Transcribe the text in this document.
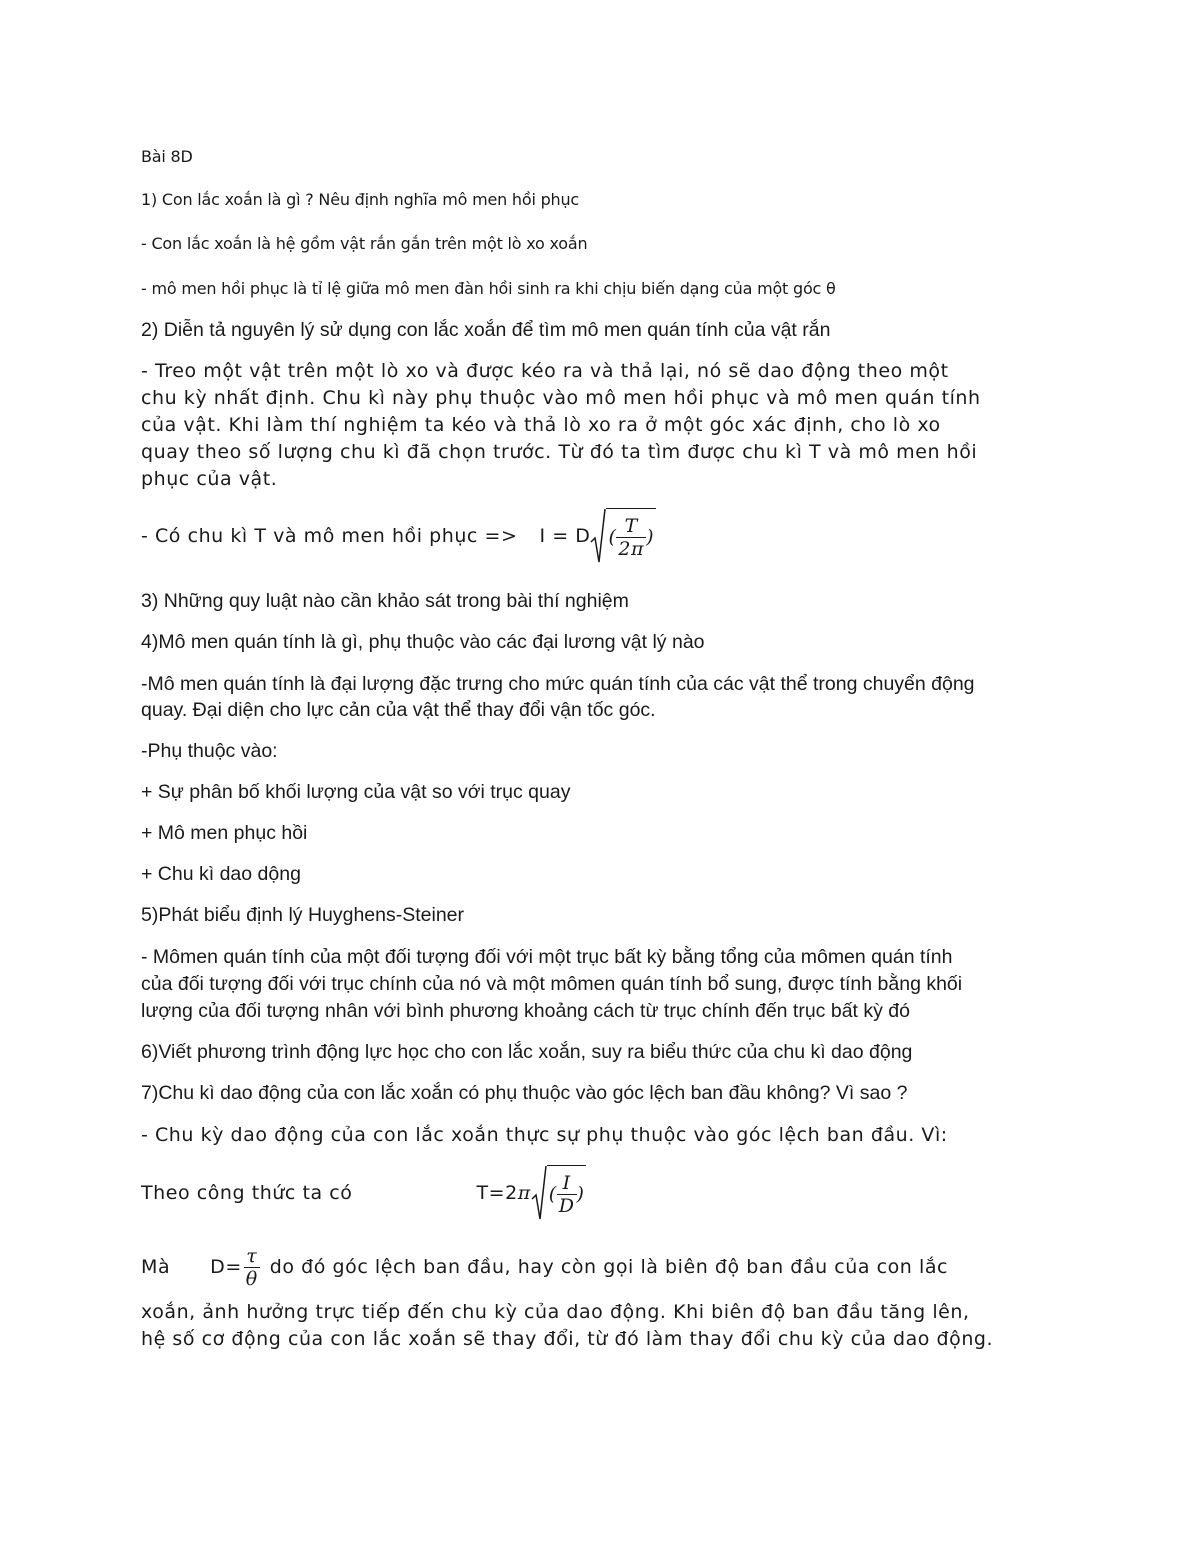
Bài 8D

1) Con lắc xoắn là gì ? Nêu định nghĩa mô men hồi phục

- Con lắc xoắn là hệ gồm vật rắn gắn trên một lò xo xoắn

- mô men hồi phục là tỉ lệ giữa mô men đàn hồi sinh ra khi chịu biến dạng của một góc θ

2) Diễn tả nguyên lý sử dụng con lắc xoắn để tìm mô men quán tính của vật rắn

- Treo một vật trên một lò xo và được kéo ra và thả lại, nó sẽ dao động theo một

chu kỳ nhất định. Chu kì này phụ thuộc vào mô men hồi phục và mô men quán tính

của vật. Khi làm thí nghiệm ta kéo và thả lò xo ra ở một góc xác định, cho lò xo

quay theo số lượng chu kì đã chọn trước. Từ đó ta tìm được chu kì T và mô men hồi

phục của vật.

- Có chu kì T và mô men hồi phục => I = D ( $\frac{T}{2\pi}$ )

3) Những quy luật nào cần khảo sát trong bài thí nghiệm

4)Mô men quán tính là gì, phụ thuộc vào các đại lương vật lý nào

-Mô men quán tính là đại lượng đặc trưng cho mức quán tính của các vật thể trong chuyển động

quay. Đại diện cho lực cản của vật thể thay đổi vận tốc góc.

-Phụ thuộc vào:

+ Sự phân bố khối lượng của vật so với trục quay

+ Mô men phục hồi

+ Chu kì dao dộng

5)Phát biểu định lý Huyghens-Steiner

- Mômen quán tính của một đối tượng đối với một trục bất kỳ bằng tổng của mômen quán tính

của đối tượng đối với trục chính của nó và một mômen quán tính bổ sung, được tính bằng khối

lượng của đối tượng nhân với bình phương khoảng cách từ trục chính đến trục bất kỳ đó

6)Viết phương trình động lực học cho con lắc xoắn, suy ra biểu thức của chu kì dao động

7)Chu kì dao động của con lắc xoắn có phụ thuộc vào góc lệch ban đầu không? Vì sao ?

- Chu kỳ dao động của con lắc xoắn thực sự phụ thuộc vào góc lệch ban đầu. Vì:

Theo công thức ta có	T=2 π ( $\frac{I}{D}$ )
Mà $D= \frac{\tau}{\theta}$ do đó góc lệch ban đầu, hay còn gọi là biên độ ban đầu của con lắc

xoắn, ảnh hưởng trực tiếp đến chu kỳ của dao động. Khi biên độ ban đầu tăng lên,

hệ số cơ động của con lắc xoắn sẽ thay đổi, từ đó làm thay đổi chu kỳ của dao động.
